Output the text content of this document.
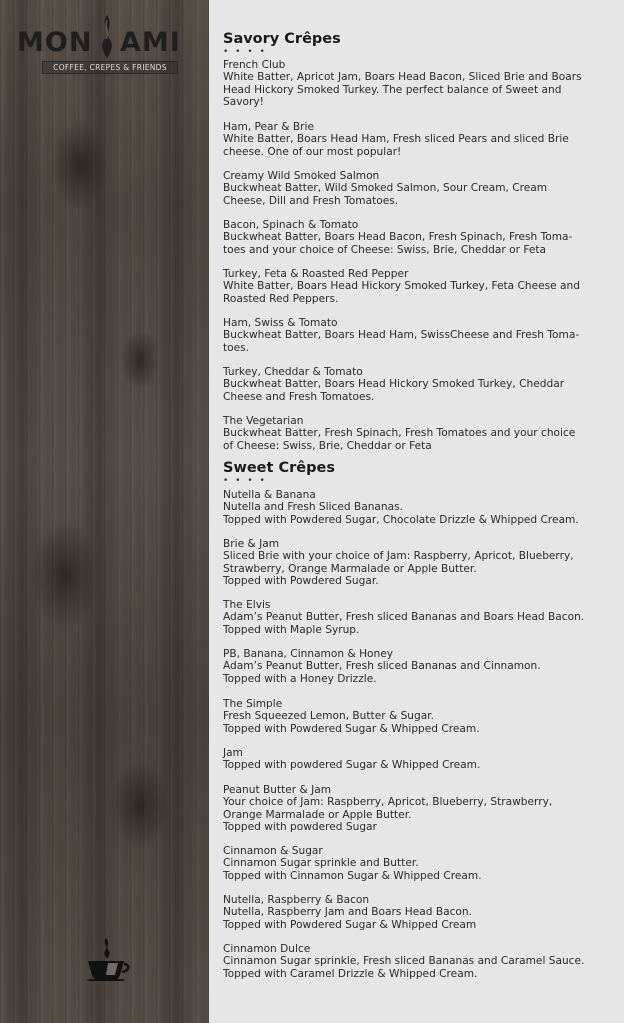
MON AMI
COFFEE, CREPES & FRIENDS
Savory Crêpes
• • • •
French Club
White Batter, Apricot Jam, Boars Head Bacon, Sliced Brie and Boars
Head Hickory Smoked Turkey. The perfect balance of Sweet and
Savory!
Ham, Pear & Brie
White Batter, Boars Head Ham, Fresh sliced Pears and sliced Brie
cheese. One of our most popular!
Creamy Wild Smoked Salmon
Buckwheat Batter, Wild Smoked Salmon, Sour Cream, Cream
Cheese, Dill and Fresh Tomatoes.
Bacon, Spinach & Tomato
Buckwheat Batter, Boars Head Bacon, Fresh Spinach, Fresh Toma-
toes and your choice of Cheese: Swiss, Brie, Cheddar or Feta
Turkey, Feta & Roasted Red Pepper
White Batter, Boars Head Hickory Smoked Turkey, Feta Cheese and
Roasted Red Peppers.
Ham, Swiss & Tomato
Buckwheat Batter, Boars Head Ham, SwissCheese and Fresh Toma-
toes.
Turkey, Cheddar & Tomato
Buckwheat Batter, Boars Head Hickory Smoked Turkey, Cheddar
Cheese and Fresh Tomatoes.
The Vegetarian
Buckwheat Batter, Fresh Spinach, Fresh Tomatoes and your choice
of Cheese: Swiss, Brie, Cheddar or Feta
Sweet Crêpes
• • • •
Nutella & Banana
Nutella and Fresh Sliced Bananas.
Topped with Powdered Sugar, Chocolate Drizzle & Whipped Cream.
Brie & Jam
Sliced Brie with your choice of Jam: Raspberry, Apricot, Blueberry,
Strawberry, Orange Marmalade or Apple Butter.
Topped with Powdered Sugar.
The Elvis
Adam’s Peanut Butter, Fresh sliced Bananas and Boars Head Bacon.
Topped with Maple Syrup.
PB, Banana, Cinnamon & Honey
Adam’s Peanut Butter, Fresh sliced Bananas and Cinnamon.
Topped with a Honey Drizzle.
The Simple
Fresh Squeezed Lemon, Butter & Sugar.
Topped with Powdered Sugar & Whipped Cream.
Jam
Topped with powdered Sugar & Whipped Cream.
Peanut Butter & Jam
Your choice of Jam: Raspberry, Apricot, Blueberry, Strawberry,
Orange Marmalade or Apple Butter.
Topped with powdered Sugar
Cinnamon & Sugar
Cinnamon Sugar sprinkle and Butter.
Topped with Cinnamon Sugar & Whipped Cream.
Nutella, Raspberry & Bacon
Nutella, Raspberry Jam and Boars Head Bacon.
Topped with Powdered Sugar & Whipped Cream
Cinnamon Dulce
Cinnamon Sugar sprinkle, Fresh sliced Bananas and Caramel Sauce.
Topped with Caramel Drizzle & Whipped Cream.
